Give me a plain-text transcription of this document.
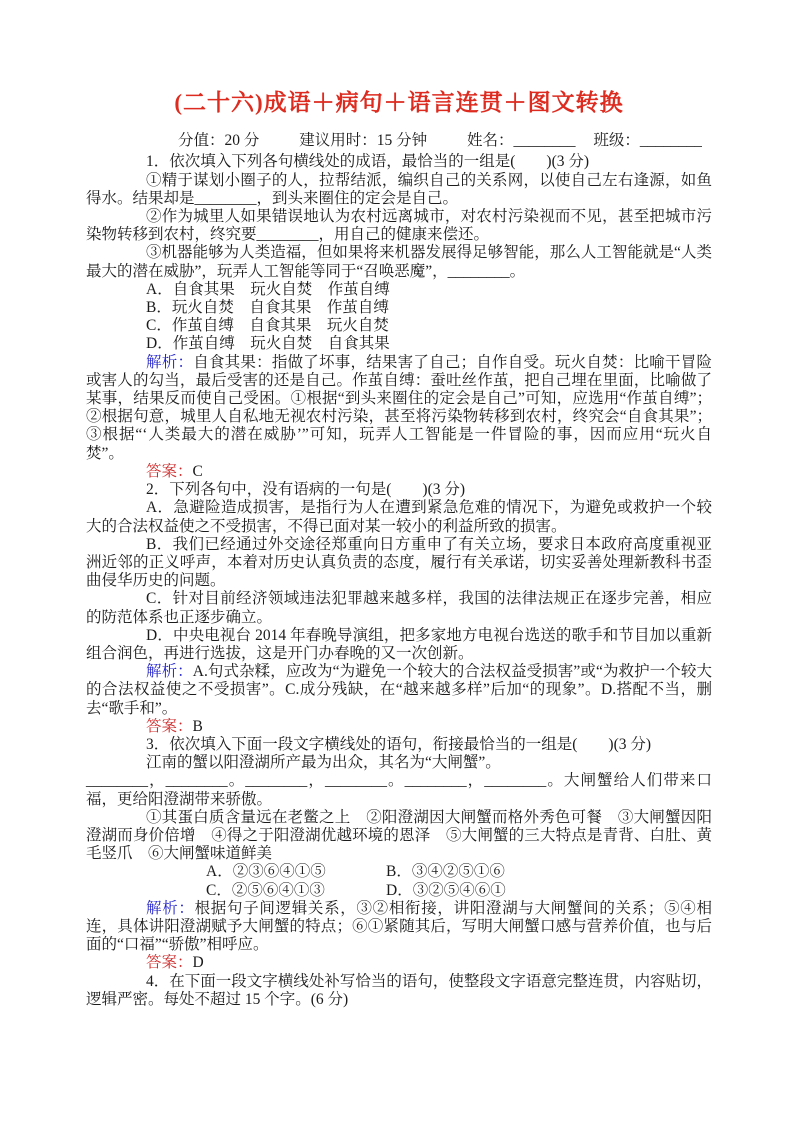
(二十六)成语＋病句＋语言连贯＋图文转换
分值：20 分	建议用时：15 分钟	姓名：________ 班级：________

1．依次填入下列各句横线处的成语，最恰当的一组是(　　)(3 分)

①精于谋划小圈子的人，拉帮结派，编织自己的关系网，以使自己左右逢源，如鱼得水。结果却是________，到头来圈住的定会是自己。

②作为城里人如果错误地认为农村远离城市，对农村污染视而不见，甚至把城市污染物转移到农村，终究要________，用自己的健康来偿还。

③机器能够为人类造福，但如果将来机器发展得足够智能，那么人工智能就是“人类最大的潜在威胁”，玩弄人工智能等同于“召唤恶魔”，________。

A．自食其果　玩火自焚　作茧自缚

B．玩火自焚　自食其果　作茧自缚

C．作茧自缚　自食其果　玩火自焚

D．作茧自缚　玩火自焚　自食其果

解析：自食其果：指做了坏事，结果害了自己；自作自受。玩火自焚：比喻干冒险或害人的勾当，最后受害的还是自己。作茧自缚：蚕吐丝作茧，把自己埋在里面，比喻做了某事，结果反而使自己受困。①根据“到头来圈住的定会是自己”可知，应选用“作茧自缚”；②根据句意，城里人自私地无视农村污染，甚至将污染物转移到农村，终究会“自食其果”；③根据“‘人类最大的潜在威胁’”可知，玩弄人工智能是一件冒险的事，因而应用“玩火自焚”。

答案：C

2．下列各句中，没有语病的一句是(　　)(3 分)

A．急避险造成损害，是指行为人在遭到紧急危难的情况下，为避免或救护一个较大的合法权益使之不受损害，不得已面对某一较小的利益所致的损害。

B．我们已经通过外交途径郑重向日方重申了有关立场，要求日本政府高度重视亚洲近邻的正义呼声，本着对历史认真负责的态度，履行有关承诺，切实妥善处理新教科书歪曲侵华历史的问题。

C．针对目前经济领域违法犯罪越来越多样，我国的法律法规正在逐步完善，相应的防范体系也正逐步确立。

D．中央电视台 2014 年春晚导演组，把多家地方电视台选送的歌手和节目加以重新组合润色，再进行选拔，这是开门办春晚的又一次创新。

解析：A.句式杂糅，应改为“为避免一个较大的合法权益受损害”或“为救护一个较大的合法权益使之不受损害”。C.成分残缺，在“越来越多样”后加“的现象”。D.搭配不当，删去“歌手和”。

答案：B

3．依次填入下面一段文字横线处的语句，衔接最恰当的一组是(　　)(3 分)

江南的蟹以阳澄湖所产最为出众，其名为“大闸蟹”。

________，________。________，________。________，________。大闸蟹给人们带来口福，更给阳澄湖带来骄傲。

①其蛋白质含量远在老鳖之上　②阳澄湖因大闸蟹而格外秀色可餐　③大闸蟹因阳澄湖而身价倍增　④得之于阳澄湖优越环境的恩泽　⑤大闸蟹的三大特点是青背、白肚、黄毛竖爪　⑥大闸蟹味道鲜美

A．②③⑥④①⑤	B．③④②⑤①⑥

C．②⑤⑥④①③	D．③②⑤④⑥①

解析：根据句子间逻辑关系，③②相衔接，讲阳澄湖与大闸蟹间的关系；⑤④相连，具体讲阳澄湖赋予大闸蟹的特点；⑥①紧随其后，写明大闸蟹口感与营养价值，也与后面的“口福”“骄傲”相呼应。

答案：D

4．在下面一段文字横线处补写恰当的语句，使整段文字语意完整连贯，内容贴切，逻辑严密。每处不超过 15 个字。(6 分)
